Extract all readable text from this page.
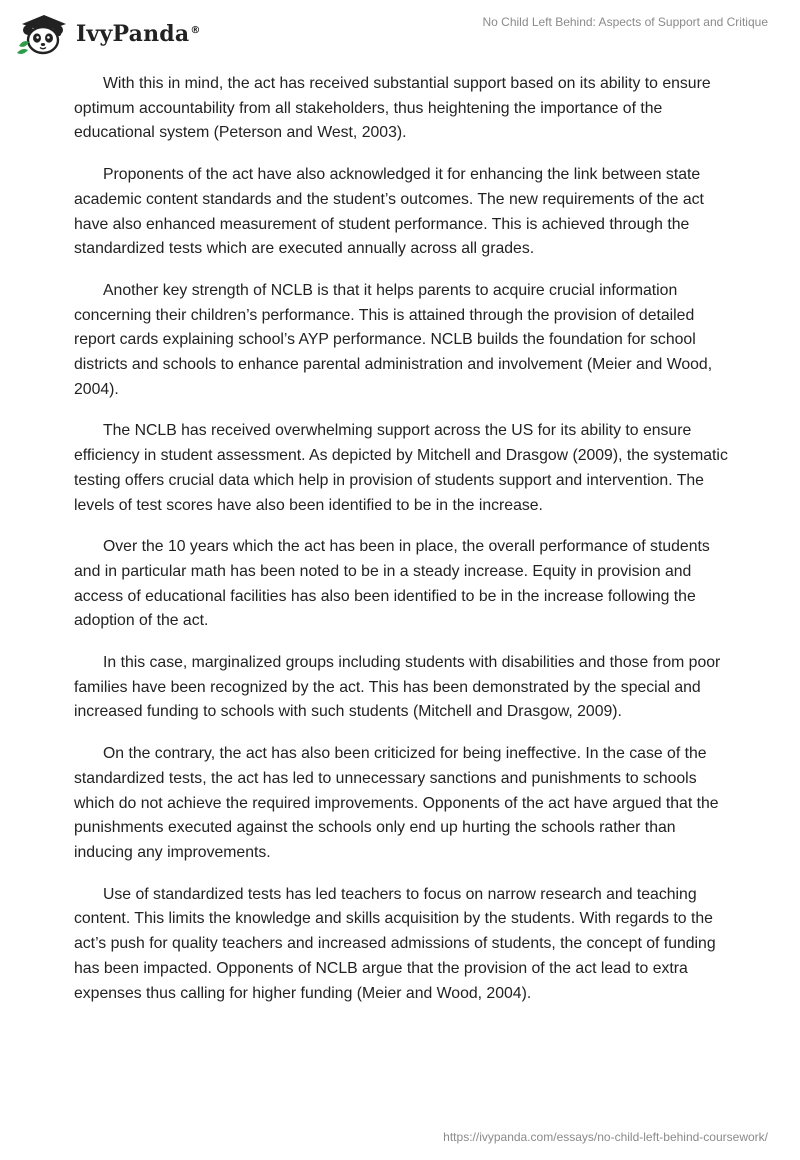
IvyPanda®
No Child Left Behind: Aspects of Support and Critique

With this in mind, the act has received substantial support based on its ability to ensure optimum accountability from all stakeholders, thus heightening the importance of the educational system (Peterson and West, 2003).

Proponents of the act have also acknowledged it for enhancing the link between state academic content standards and the student’s outcomes. The new requirements of the act have also enhanced measurement of student performance. This is achieved through the standardized tests which are executed annually across all grades.

Another key strength of NCLB is that it helps parents to acquire crucial information concerning their children’s performance. This is attained through the provision of detailed report cards explaining school’s AYP performance. NCLB builds the foundation for school districts and schools to enhance parental administration and involvement (Meier and Wood, 2004).

The NCLB has received overwhelming support across the US for its ability to ensure efficiency in student assessment. As depicted by Mitchell and Drasgow (2009), the systematic testing offers crucial data which help in provision of students support and intervention. The levels of test scores have also been identified to be in the increase.

Over the 10 years which the act has been in place, the overall performance of students and in particular math has been noted to be in a steady increase. Equity in provision and access of educational facilities has also been identified to be in the increase following the adoption of the act.

In this case, marginalized groups including students with disabilities and those from poor families have been recognized by the act. This has been demonstrated by the special and increased funding to schools with such students (Mitchell and Drasgow, 2009).

On the contrary, the act has also been criticized for being ineffective. In the case of the standardized tests, the act has led to unnecessary sanctions and punishments to schools which do not achieve the required improvements. Opponents of the act have argued that the punishments executed against the schools only end up hurting the schools rather than inducing any improvements.

Use of standardized tests has led teachers to focus on narrow research and teaching content. This limits the knowledge and skills acquisition by the students. With regards to the act’s push for quality teachers and increased admissions of students, the concept of funding has been impacted. Opponents of NCLB argue that the provision of the act lead to extra expenses thus calling for higher funding (Meier and Wood, 2004).

https://ivypanda.com/essays/no-child-left-behind-coursework/
